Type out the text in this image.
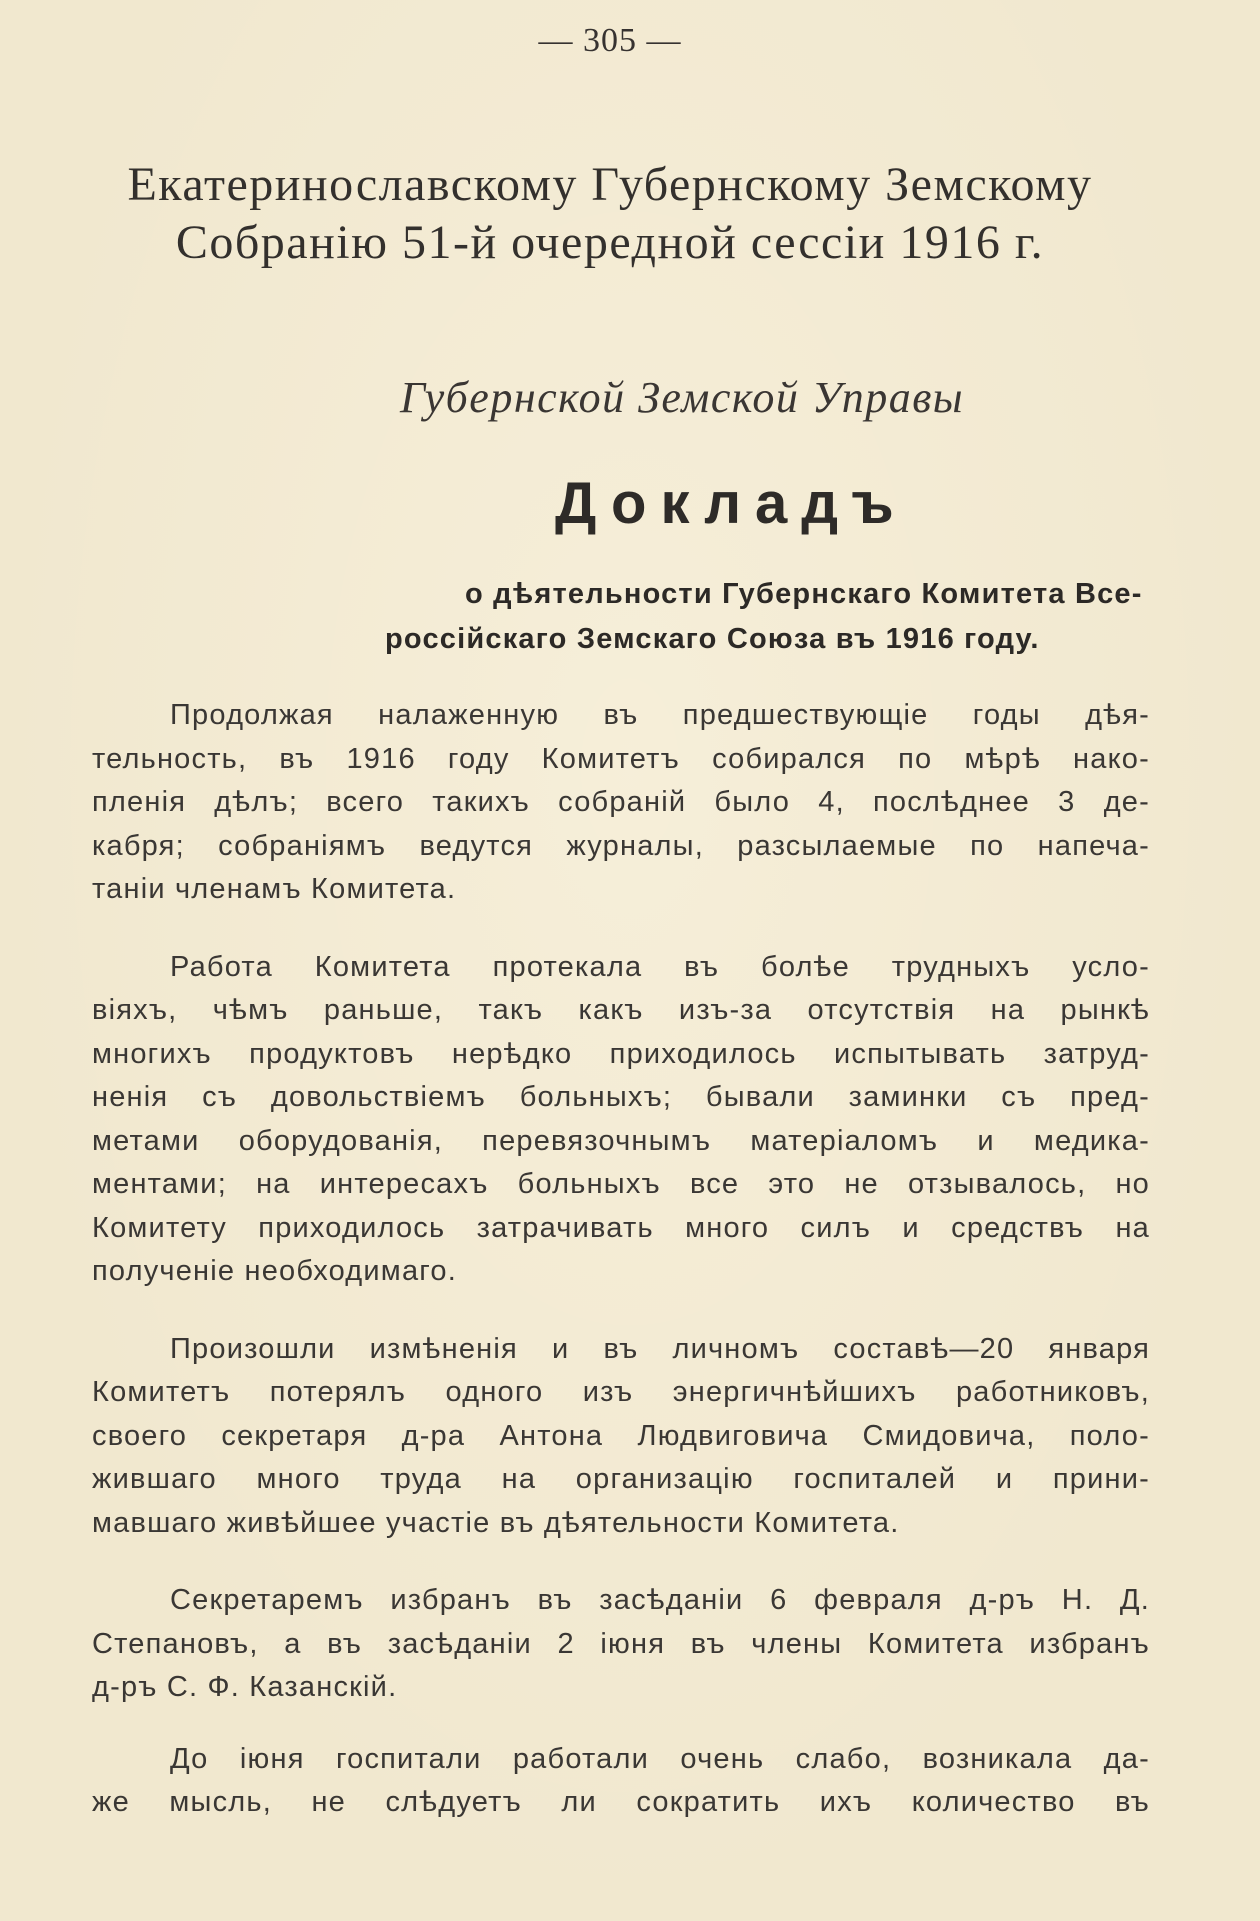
— 305 —
Екатеринославскому Губернскому Земскому
Собранію 51-й очередной сессіи 1916 г.
Губернской Земской Управы
Докладъ
о дѣятельности Губернскаго Комитета Все-
россійскаго Земскаго Союза въ 1916 году.
Продолжая налаженную въ предшествующіе годы дѣя-
тельность, въ 1916 году Комитетъ собирался по мѣрѣ нако-
пленія дѣлъ; всего такихъ собраній было 4, послѣднее 3 де-
кабря; собраніямъ ведутся журналы, разсылаемые по напеча-
таніи членамъ Комитета.
Работа Комитета протекала въ болѣе трудныхъ усло-
віяхъ, чѣмъ раньше, такъ какъ изъ-за отсутствія на рынкѣ
многихъ продуктовъ нерѣдко приходилось испытывать затруд-
ненія съ довольствіемъ больныхъ; бывали заминки съ пред-
метами оборудованія, перевязочнымъ матеріаломъ и медика-
ментами; на интересахъ больныхъ все это не отзывалось, но
Комитету приходилось затрачивать много силъ и средствъ на
полученіе необходимаго.
Произошли измѣненія и въ личномъ составѣ—20 января
Комитетъ потерялъ одного изъ энергичнѣйшихъ работниковъ,
своего секретаря д-ра Антона Людвиговича Смидовича, поло-
жившаго много труда на организацію госпиталей и прини-
мавшаго живѣйшее участіе въ дѣятельности Комитета.
Секретаремъ избранъ въ засѣданіи 6 февраля д-ръ Н. Д.
Степановъ, а въ засѣданіи 2 іюня въ члены Комитета избранъ
д-ръ С. Ф. Казанскій.
До іюня госпитали работали очень слабо, возникала да-
же мысль, не слѣдуетъ ли сократить ихъ количество въ
